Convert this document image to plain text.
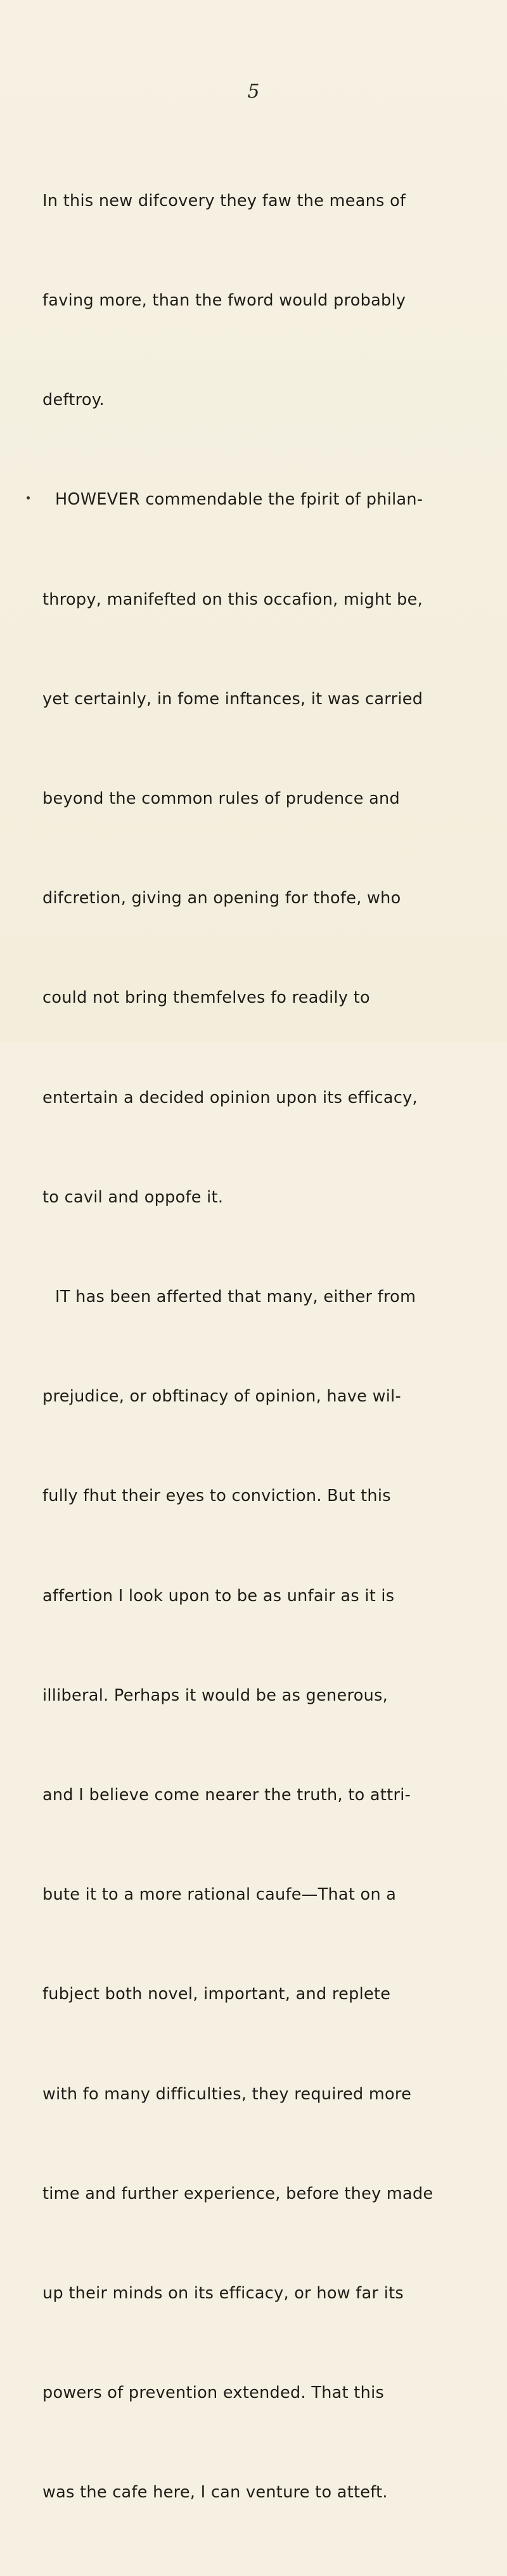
5

In this new difcovery they faw the means of

faving more, than the fword would probably

deftroy.

HOWEVER commendable the fpirit of philan-

thropy, manifefted on this occafion, might be,

yet certainly, in fome inftances, it was carried

beyond the common rules of prudence and

difcretion, giving an opening for thofe, who

could not bring themfelves fo readily to

entertain a decided opinion upon its efficacy,

to cavil and oppofe it.

IT has been afferted that many, either from

prejudice, or obftinacy of opinion, have wil-

fully fhut their eyes to conviction. But this

affertion I look upon to be as unfair as it is

illiberal. Perhaps it would be as generous,

and I believe come nearer the truth, to attri-

bute it to a more rational caufe—That on a

fubject both novel, important, and replete

with fo many difficulties, they required more

time and further experience, before they made

up their minds on its efficacy, or how far its

powers of prevention extended. That this

was the cafe here, I can venture to atteft.
